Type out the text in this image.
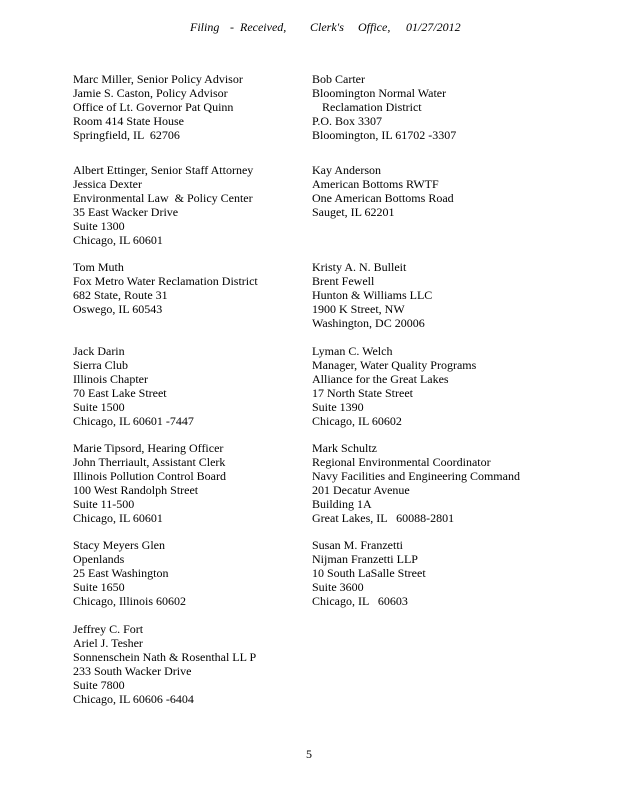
Filing -  Received, Clerk's Office, 01/27/2012
Marc Miller, Senior Policy Advisor
Jamie S. Caston, Policy Advisor
Office of Lt. Governor Pat Quinn
Room 414 State House
Springfield, IL  62706
Albert Ettinger, Senior Staff Attorney
Jessica Dexter
Environmental Law  & Policy Center
35 East Wacker Drive
Suite 1300
Chicago, IL 60601
Tom Muth
Fox Metro Water Reclamation District
682 State, Route 31
Oswego, IL 60543
Jack Darin
Sierra Club
Illinois Chapter
70 East Lake Street
Suite 1500
Chicago, IL 60601 -7447
Marie Tipsord, Hearing Officer
John Therriault, Assistant Clerk
Illinois Pollution Control Board
100 West Randolph Street
Suite 11-500
Chicago, IL 60601
Stacy Meyers Glen
Openlands
25 East Washington
Suite 1650
Chicago, Illinois 60602
Jeffrey C. Fort
Ariel J. Tesher
Sonnenschein Nath & Rosenthal LL P
233 South Wacker Drive
Suite 7800
Chicago, IL 60606 -6404
Bob Carter
Bloomington Normal Water
Reclamation District
P.O. Box 3307
Bloomington, IL 61702 -3307
Kay Anderson
American Bottoms RWTF
One American Bottoms Road
Sauget, IL 62201
Kristy A. N. Bulleit
Brent Fewell
Hunton & Williams LLC
1900 K Street, NW
Washington, DC 20006
Lyman C. Welch
Manager, Water Quality Programs
Alliance for the Great Lakes
17 North State Street
Suite 1390
Chicago, IL 60602
Mark Schultz
Regional Environmental Coordinator
Navy Facilities and Engineering Command
201 Decatur Avenue
Building 1A
Great Lakes, IL   60088-2801
Susan M. Franzetti
Nijman Franzetti LLP
10 South LaSalle Street
Suite 3600
Chicago, IL   60603
5
